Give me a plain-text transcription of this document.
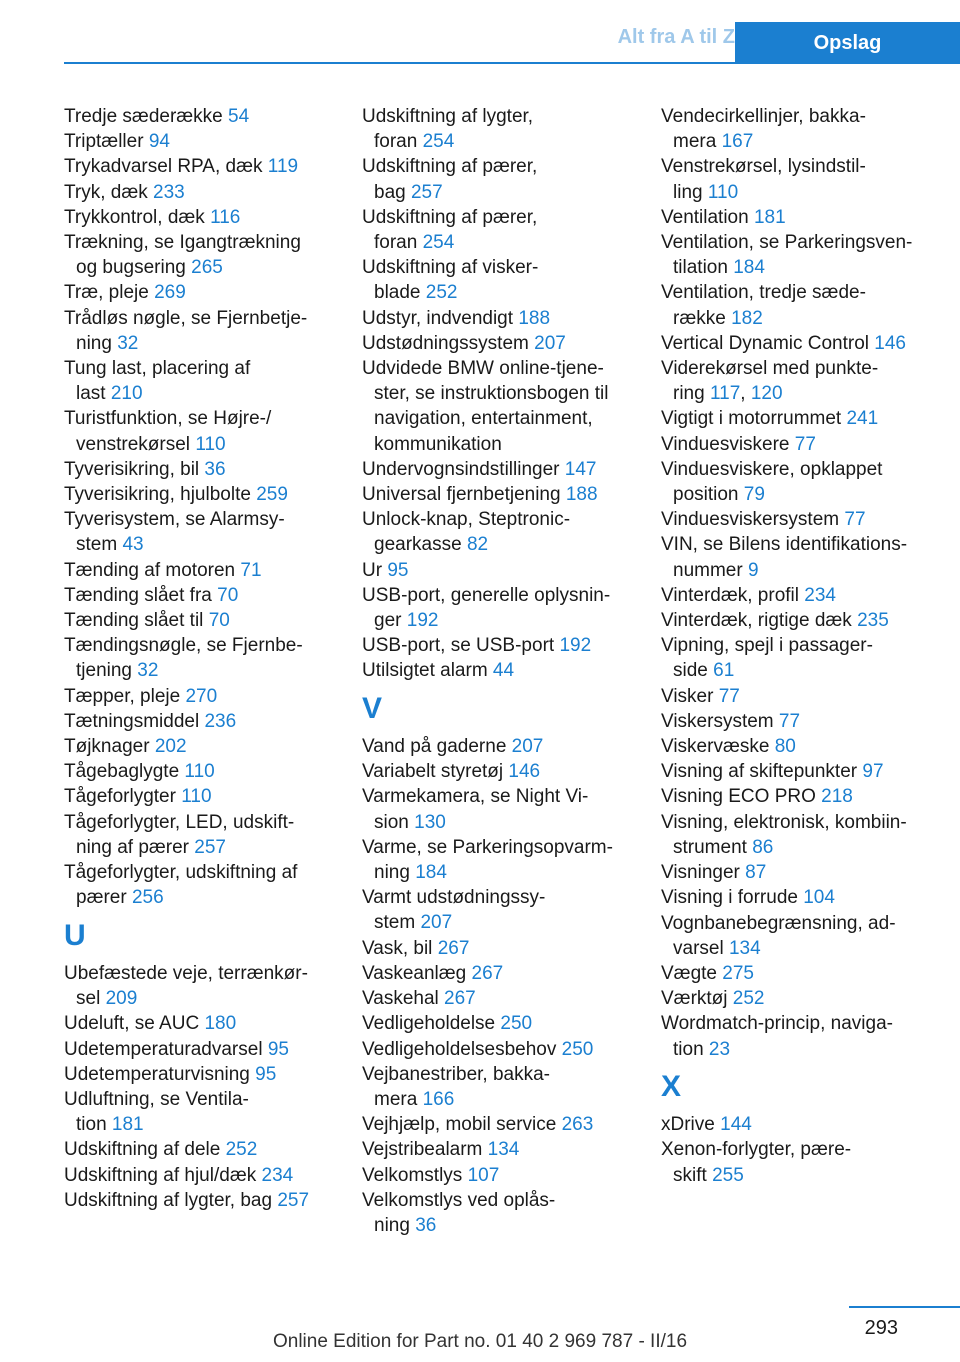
Alt fra A til Z	Opslag
Tredje sæderække 54
Triptæller 94
Trykadvarsel RPA, dæk 119
Tryk, dæk 233
Trykkontrol, dæk 116
Trækning, se Igangtrækning
og bugsering 265
Træ, pleje 269
Trådløs nøgle, se Fjernbetje-
ning 32
Tung last, placering af
last 210
Turistfunktion, se Højre-/
venstrekørsel 110
Tyverisikring, bil 36
Tyverisikring, hjulbolte 259
Tyverisystem, se Alarmsy-
stem 43
Tænding af motoren 71
Tænding slået fra 70
Tænding slået til 70
Tændingsnøgle, se Fjernbe-
tjening 32
Tæpper, pleje 270
Tætningsmiddel 236
Tøjknager 202
Tågebaglygte 110
Tågeforlygter 110
Tågeforlygter, LED, udskift-
ning af pærer 257
Tågeforlygter, udskiftning af
pærer 256
U
Ubefæstede veje, terrænkør-
sel 209
Udeluft, se AUC 180
Udetemperaturadvarsel 95
Udetemperaturvisning 95
Udluftning, se Ventila-
tion 181
Udskiftning af dele 252
Udskiftning af hjul/dæk 234
Udskiftning af lygter, bag 257
Udskiftning af lygter,
foran 254
Udskiftning af pærer,
bag 257
Udskiftning af pærer,
foran 254
Udskiftning af visker-
blade 252
Udstyr, indvendigt 188
Udstødningssystem 207
Udvidede BMW online-tjene-
ster, se instruktionsbogen til
navigation, entertainment,
kommunikation
Undervognsindstillinger 147
Universal fjernbetjening 188
Unlock-knap, Steptronic-
gearkasse 82
Ur 95
USB-port, generelle oplysnin-
ger 192
USB-port, se USB-port 192
Utilsigtet alarm 44
V
Vand på gaderne 207
Variabelt styretøj 146
Varmekamera, se Night Vi-
sion 130
Varme, se Parkeringsopvarm-
ning 184
Varmt udstødningssy-
stem 207
Vask, bil 267
Vaskeanlæg 267
Vaskehal 267
Vedligeholdelse 250
Vedligeholdelsesbehov 250
Vejbanestriber, bakka-
mera 166
Vejhjælp, mobil service 263
Vejstribealarm 134
Velkomstlys 107
Velkomstlys ved oplås-
ning 36
Vendecirkellinjer, bakka-
mera 167
Venstrekørsel, lysindstil-
ling 110
Ventilation 181
Ventilation, se Parkeringsven-
tilation 184
Ventilation, tredje sæde-
række 182
Vertical Dynamic Control 146
Viderekørsel med punkte-
ring 117, 120
Vigtigt i motorrummet 241
Vinduesviskere 77
Vinduesviskere, opklappet
position 79
Vinduesviskersystem 77
VIN, se Bilens identifikations-
nummer 9
Vinterdæk, profil 234
Vinterdæk, rigtige dæk 235
Vipning, spejl i passager-
side 61
Visker 77
Viskersystem 77
Viskervæske 80
Visning af skiftepunkter 97
Visning ECO PRO 218
Visning, elektronisk, kombiin-
strument 86
Visninger 87
Visning i forrude 104
Vognbanebegrænsning, ad-
varsel 134
Vægte 275
Værktøj 252
Wordmatch-princip, naviga-
tion 23
X
xDrive 144
Xenon-forlygter, pære-
skift 255
293
Online Edition for Part no. 01 40 2 969 787 - II/16
